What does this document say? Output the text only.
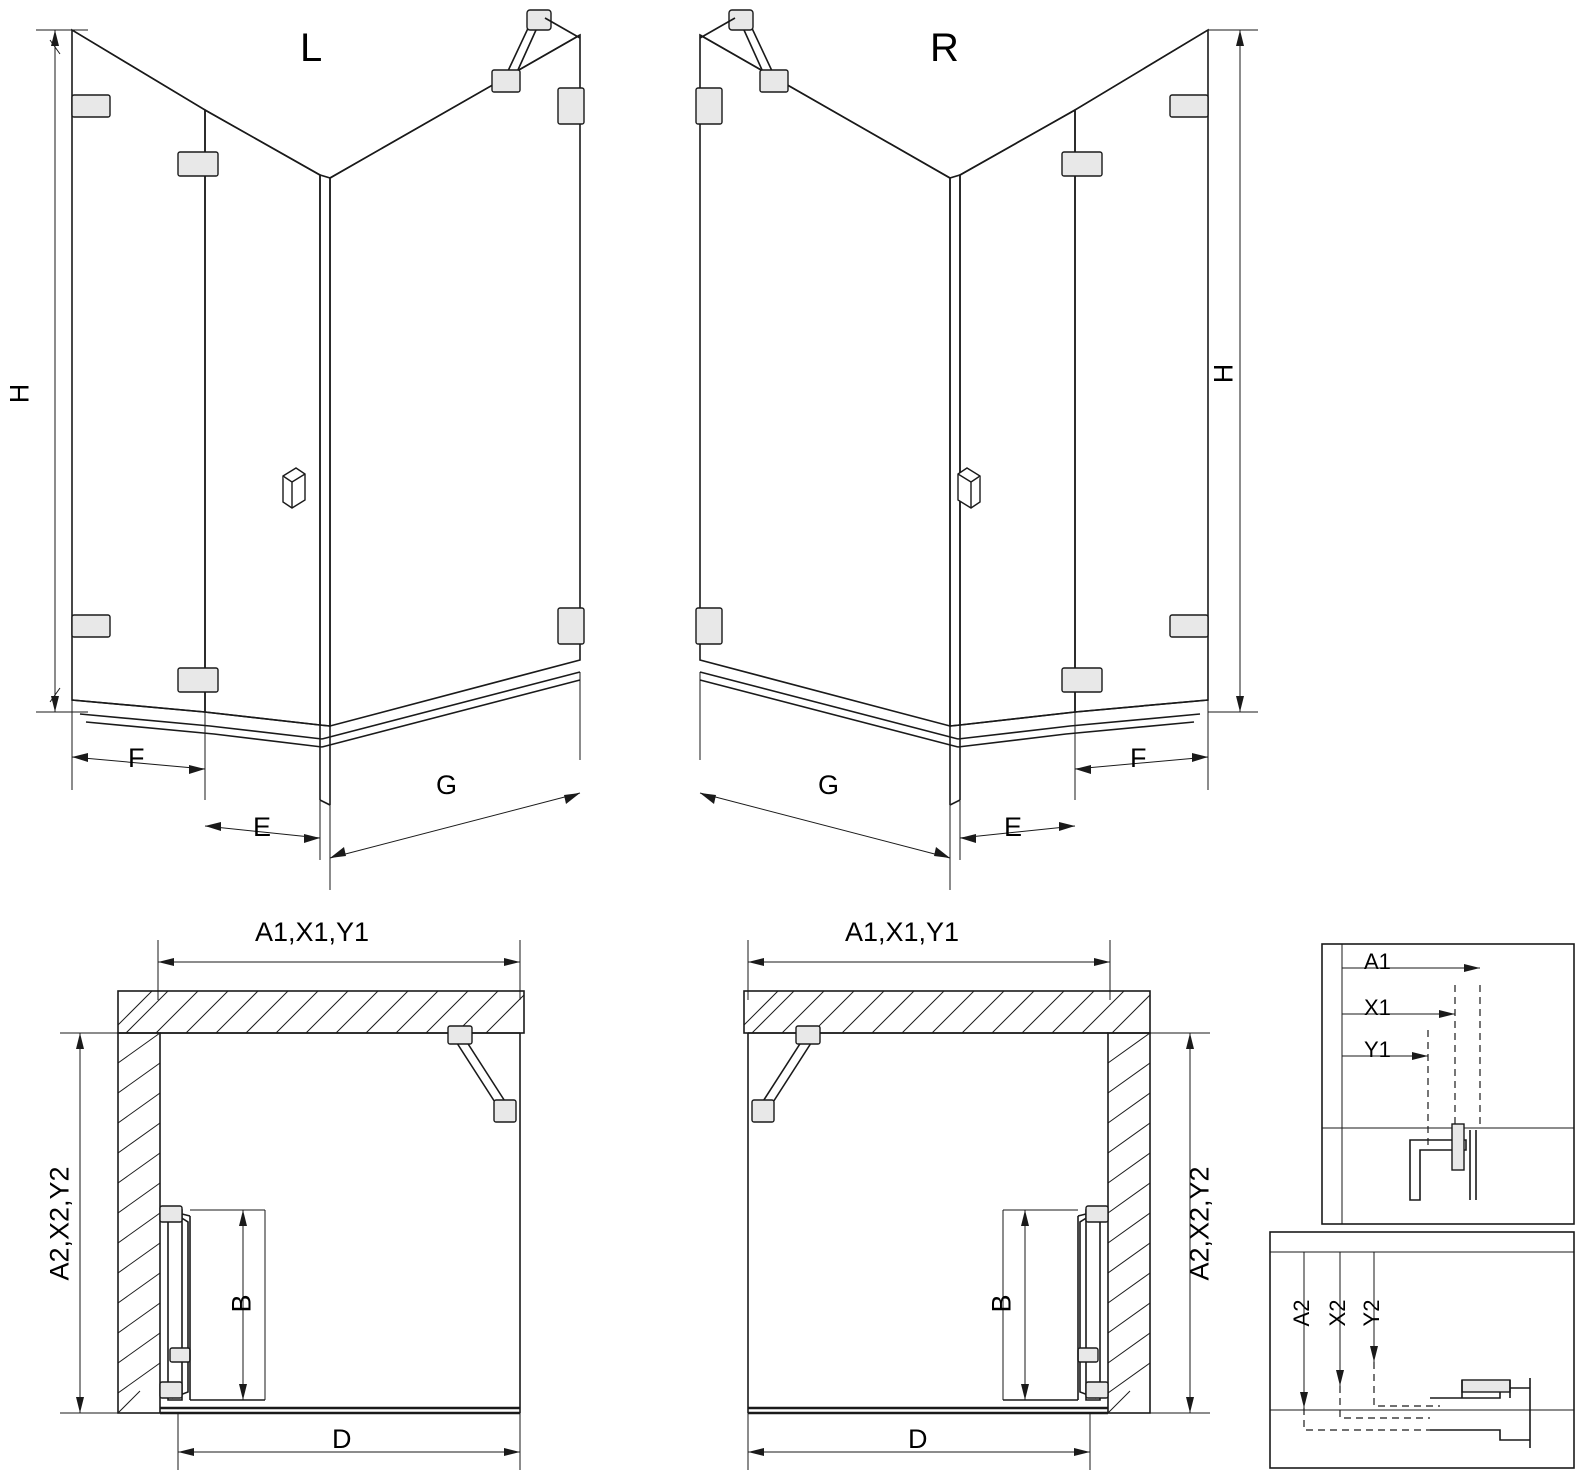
L	R
H
H
F
E
G	G
E
F
A1,X1,Y1	A1,X1,Y1
A2,X2,Y2	A2,X2,Y2
B	B
D	D
A1
X1
Y1
A2 X2 Y2
